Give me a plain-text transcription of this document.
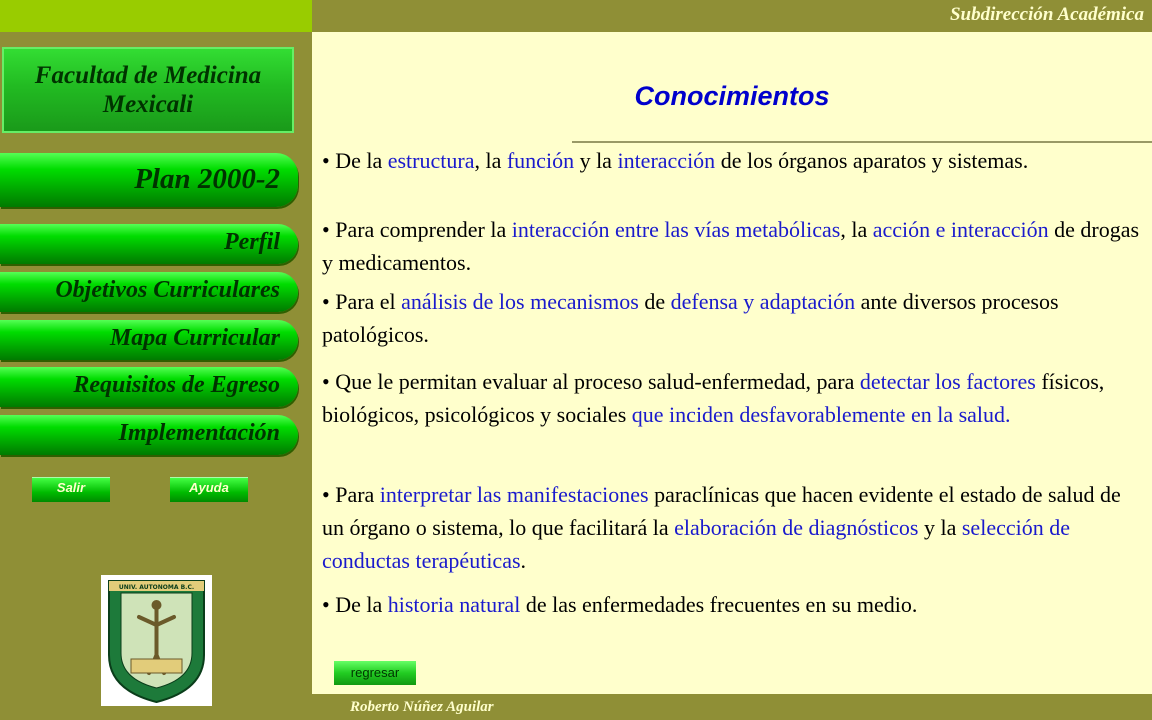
Facultad de Medicina
Mexicali
Plan 2000-2
Perfil
Objetivos Curriculares
Mapa Curricular
Requisitos de Egreso
Implementación
Salir	Ayuda
UNIV. AUTONOMA B.C.
Subdirección Académica
Conocimientos
• De la estructura, la función y la interacción de los órganos aparatos y sistemas.
• Para comprender la interacción entre las vías metabólicas, la acción e interacción de drogas y medicamentos.
• Para el análisis de los mecanismos de defensa y adaptación ante diversos procesos patológicos.
• Que le permitan evaluar al proceso salud-enfermedad, para detectar los factores físicos, biológicos, psicológicos y sociales que inciden desfavorablemente en la salud.
• Para interpretar las manifestaciones paraclínicas que hacen evidente el estado de salud de un órgano o sistema, lo que facilitará la elaboración de diagnósticos y la selección de conductas terapéuticas.
• De la historia natural de las enfermedades frecuentes en su medio.
regresar
Roberto Núñez Aguilar
